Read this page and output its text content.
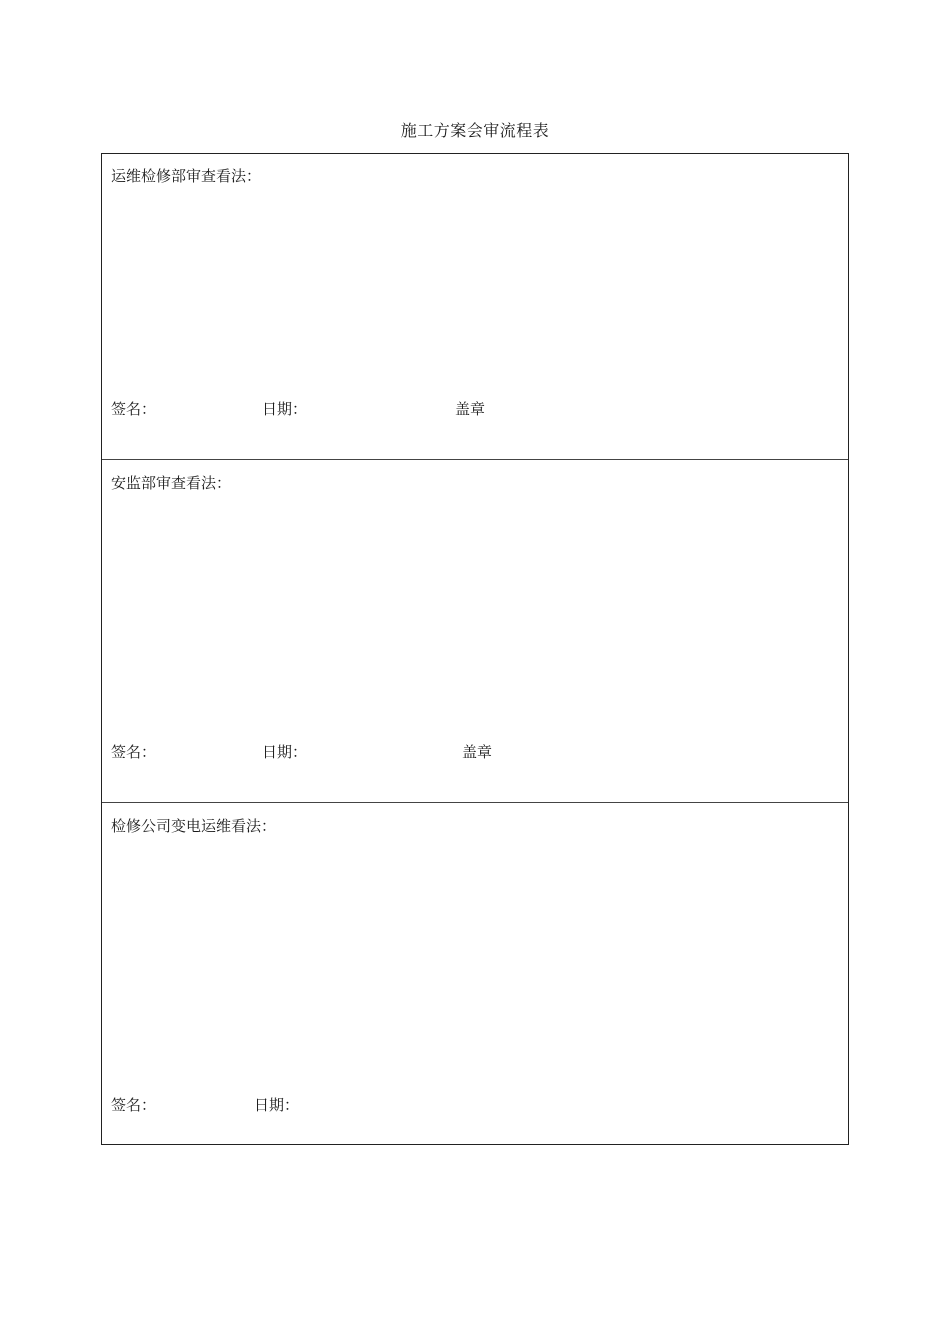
施工方案会审流程表
运维检修部审查看法：
签名：	日期：	盖章
安监部审查看法：
签名：	日期：	盖章
检修公司变电运维看法：
签名：	日期：
